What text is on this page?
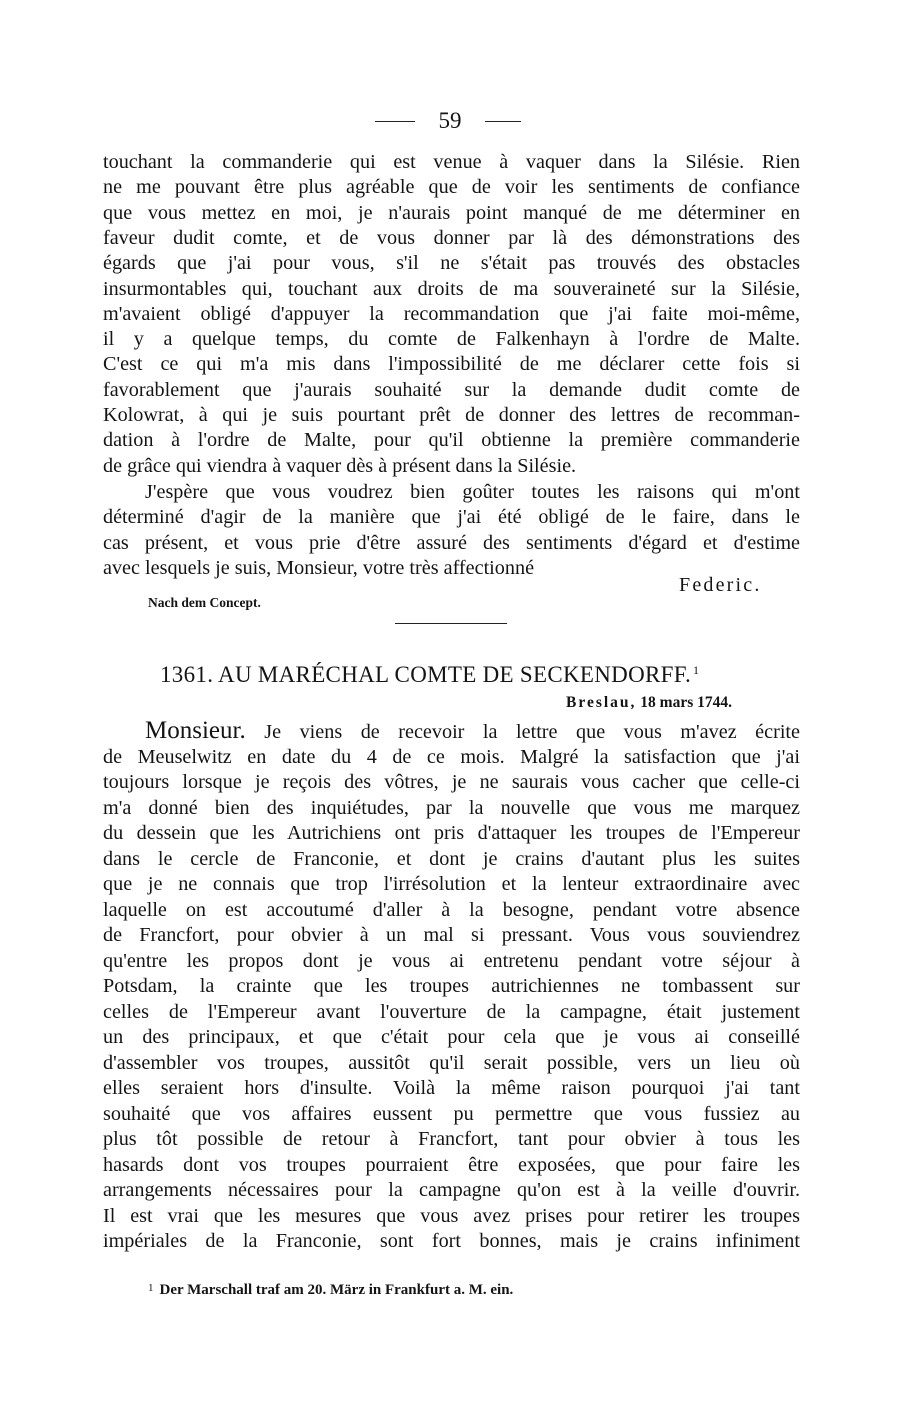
59
touchant la commanderie qui est venue à vaquer dans la Silésie. Rien
ne me pouvant être plus agréable que de voir les sentiments de confiance
que vous mettez en moi, je n'aurais point manqué de me déterminer en
faveur dudit comte, et de vous donner par là des démonstrations des
égards que j'ai pour vous, s'il ne s'était pas trouvés des obstacles
insurmontables qui, touchant aux droits de ma souveraineté sur la Silésie,
m'avaient obligé d'appuyer la recommandation que j'ai faite moi-même,
il y a quelque temps, du comte de Falkenhayn à l'ordre de Malte.
C'est ce qui m'a mis dans l'impossibilité de me déclarer cette fois si
favorablement que j'aurais souhaité sur la demande dudit comte de
Kolowrat, à qui je suis pourtant prêt de donner des lettres de recomman-
dation à l'ordre de Malte, pour qu'il obtienne la première commanderie
de grâce qui viendra à vaquer dès à présent dans la Silésie.
J'espère que vous voudrez bien goûter toutes les raisons qui m'ont
déterminé d'agir de la manière que j'ai été obligé de le faire, dans le
cas présent, et vous prie d'être assuré des sentiments d'égard et d'estime
avec lesquels je suis, Monsieur, votre très affectionné
Federic.
Nach dem Concept.
1361. AU MARÉCHAL COMTE DE SECKENDORFF. $^1$
Breslau, 18 mars 1744.
Monsieur. Je viens de recevoir la lettre que vous m'avez écrite
de Meuselwitz en date du 4 de ce mois. Malgré la satisfaction que j'ai
toujours lorsque je reçois des vôtres, je ne saurais vous cacher que celle-ci
m'a donné bien des inquiétudes, par la nouvelle que vous me marquez
du dessein que les Autrichiens ont pris d'attaquer les troupes de l'Empereur
dans le cercle de Franconie, et dont je crains d'autant plus les suites
que je ne connais que trop l'irrésolution et la lenteur extraordinaire avec
laquelle on est accoutumé d'aller à la besogne, pendant votre absence
de Francfort, pour obvier à un mal si pressant. Vous vous souviendrez
qu'entre les propos dont je vous ai entretenu pendant votre séjour à
Potsdam, la crainte que les troupes autrichiennes ne tombassent sur
celles de l'Empereur avant l'ouverture de la campagne, était justement
un des principaux, et que c'était pour cela que je vous ai conseillé
d'assembler vos troupes, aussitôt qu'il serait possible, vers un lieu où
elles seraient hors d'insulte. Voilà la même raison pourquoi j'ai tant
souhaité que vos affaires eussent pu permettre que vous fussiez au
plus tôt possible de retour à Francfort, tant pour obvier à tous les
hasards dont vos troupes pourraient être exposées, que pour faire les
arrangements nécessaires pour la campagne qu'on est à la veille d'ouvrir.
Il est vrai que les mesures que vous avez prises pour retirer les troupes
impériales de la Franconie, sont fort bonnes, mais je crains infiniment
$^1$ Der Marschall traf am 20. März in Frankfurt a. M. ein.
